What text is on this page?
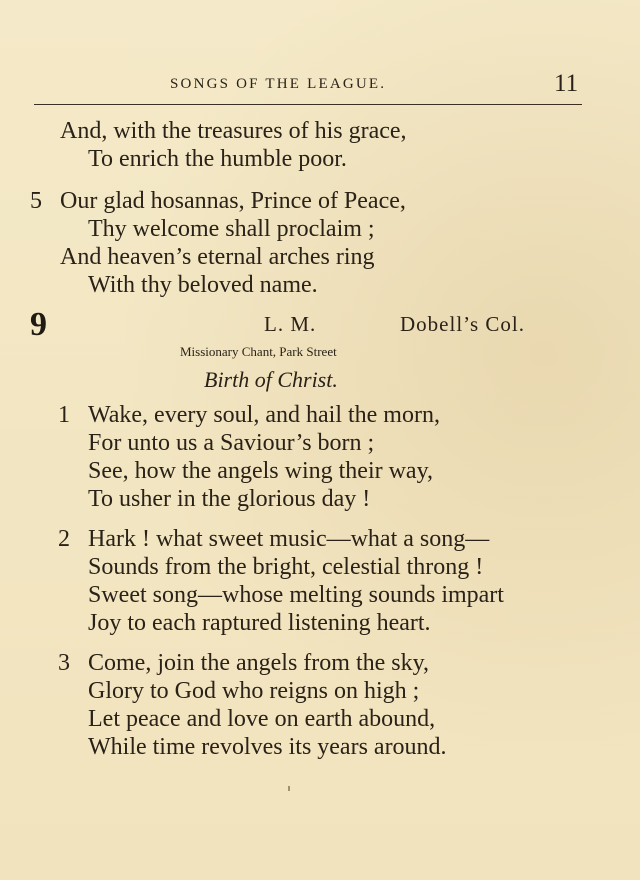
SONGS OF THE LEAGUE.	11
And, with the treasures of his grace,
To enrich the humble poor.
5 Our glad hosannas, Prince of Peace,
Thy welcome shall proclaim ;
And heaven’s eternal arches ring
With thy beloved name.
9	L. M.	Dobell’s Col.
Missionary Chant, Park Street
Birth of Christ.
1 Wake, every soul, and hail the morn,
For unto us a Saviour’s born ;
See, how the angels wing their way,
To usher in the glorious day !
2 Hark ! what sweet music—what a song—
Sounds from the bright, celestial throng !
Sweet song—whose melting sounds impart
Joy to each raptured listening heart.
3 Come, join the angels from the sky,
Glory to God who reigns on high ;
Let peace and love on earth abound,
While time revolves its years around.
